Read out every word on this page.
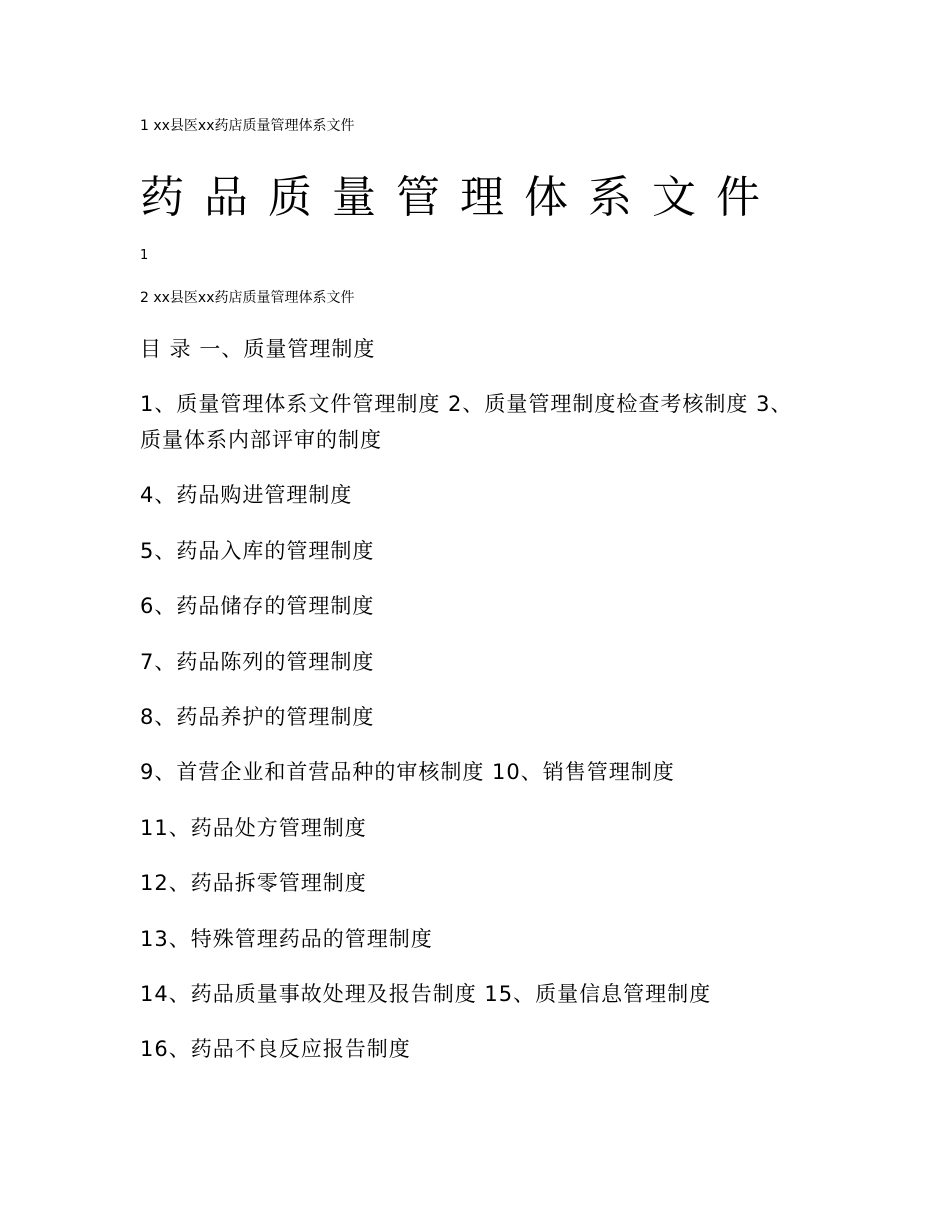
1 xx县医xx药店质量管理体系文件
药品质量管理体系文件
1
2 xx县医xx药店质量管理体系文件
目 录 一、质量管理制度
1、质量管理体系文件管理制度 2、质量管理制度检查考核制度 3、质量体系内部评审的制度
4、药品购进管理制度
5、药品入库的管理制度
6、药品储存的管理制度
7、药品陈列的管理制度
8、药品养护的管理制度
9、首营企业和首营品种的审核制度 10、销售管理制度
11、药品处方管理制度
12、药品拆零管理制度
13、特殊管理药品的管理制度
14、药品质量事故处理及报告制度 15、质量信息管理制度
16、药品不良反应报告制度
